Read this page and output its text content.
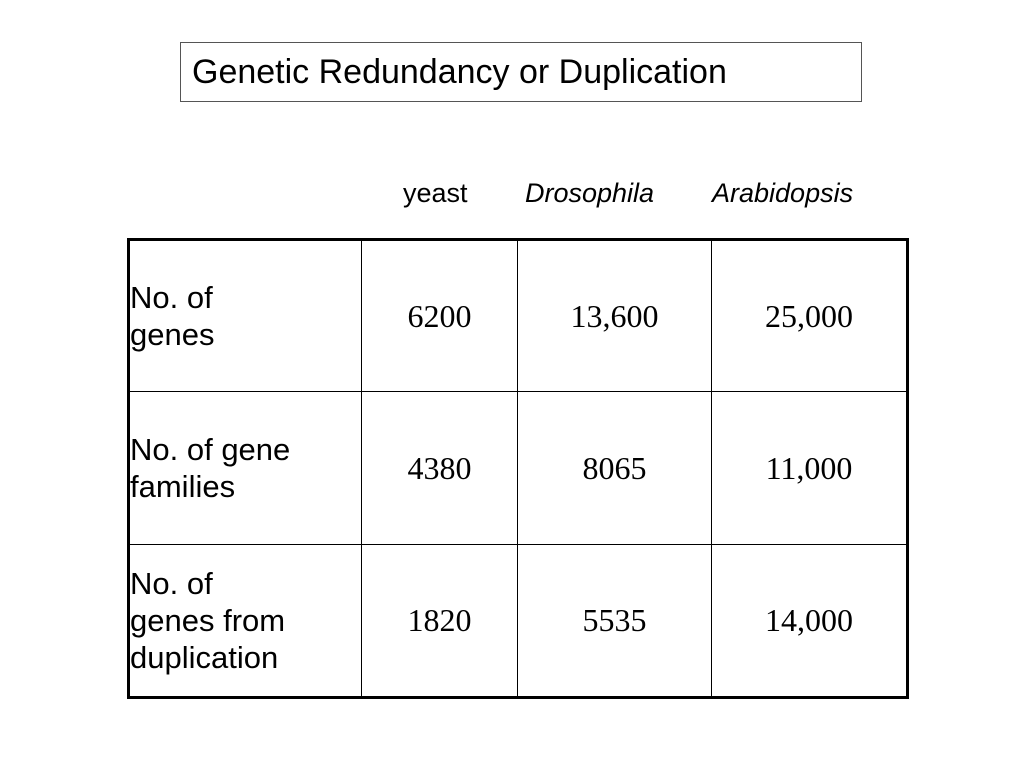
Genetic Redundancy or Duplication
yeast Drosophila Arabidopsis
No. of
genes	6200	13,600	25,000
No. of gene
families	4380	8065	11,000
No. of
genes from
duplication	1820	5535	14,000
